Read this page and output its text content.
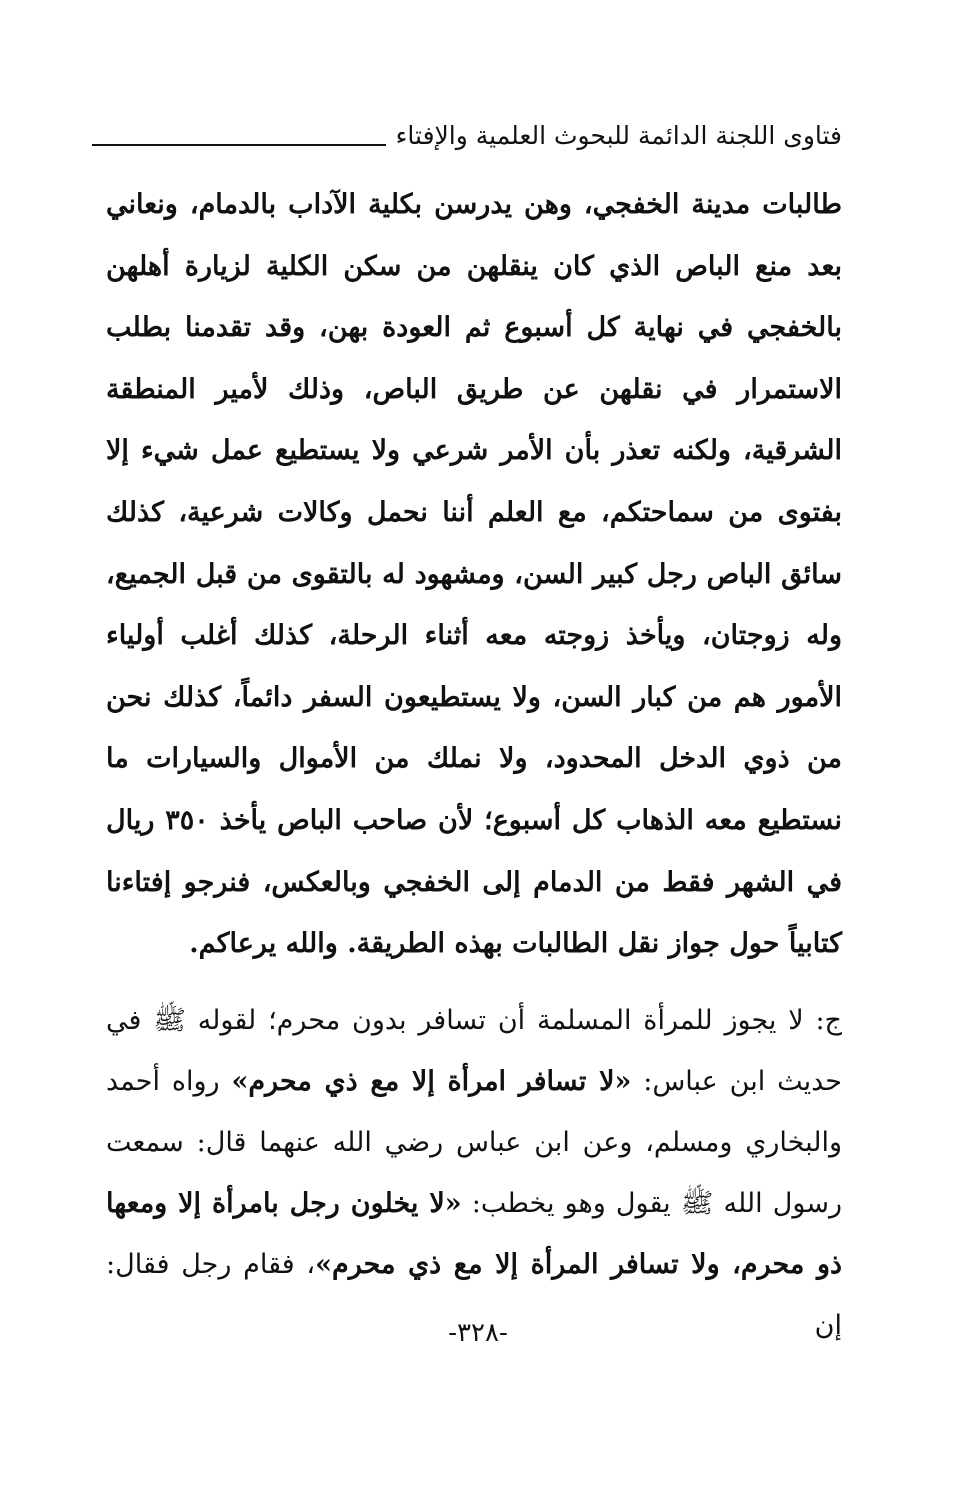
فتاوى اللجنة الدائمة للبحوث العلمية والإفتاء

طالبات مدينة الخفجي، وهن يدرسن بكلية الآداب بالدمام، ونعاني بعد منع الباص الذي كان ينقلهن من سكن الكلية لزيارة أهلهن بالخفجي في نهاية كل أسبوع ثم العودة بهن، وقد تقدمنا بطلب الاستمرار في نقلهن عن طريق الباص، وذلك لأمير المنطقة الشرقية، ولكنه تعذر بأن الأمر شرعي ولا يستطيع عمل شيء إلا بفتوى من سماحتكم، مع العلم أننا نحمل وكالات شرعية، كذلك سائق الباص رجل كبير السن، ومشهود له بالتقوى من قبل الجميع، وله زوجتان، ويأخذ زوجته معه أثناء الرحلة، كذلك أغلب أولياء الأمور هم من كبار السن، ولا يستطيعون السفر دائماً، كذلك نحن من ذوي الدخل المحدود، ولا نملك من الأموال والسيارات ما نستطيع معه الذهاب كل أسبوع؛ لأن صاحب الباص يأخذ ٣٥٠ ريال في الشهر فقط من الدمام إلى الخفجي وبالعكس، فنرجو إفتاءنا كتابياً حول جواز نقل الطالبات بهذه الطريقة. والله يرعاكم.

ج: لا يجوز للمرأة المسلمة أن تسافر بدون محرم؛ لقوله ﷺ في حديث ابن عباس: «لا تسافر امرأة إلا مع ذي محرم» رواه أحمد والبخاري ومسلم، وعن ابن عباس رضي الله عنهما قال: سمعت رسول الله ﷺ يقول وهو يخطب: «لا يخلون رجل بامرأة إلا ومعها ذو محرم، ولا تسافر المرأة إلا مع ذي محرم»، فقام رجل فقال: إن

-٣٢٨-
